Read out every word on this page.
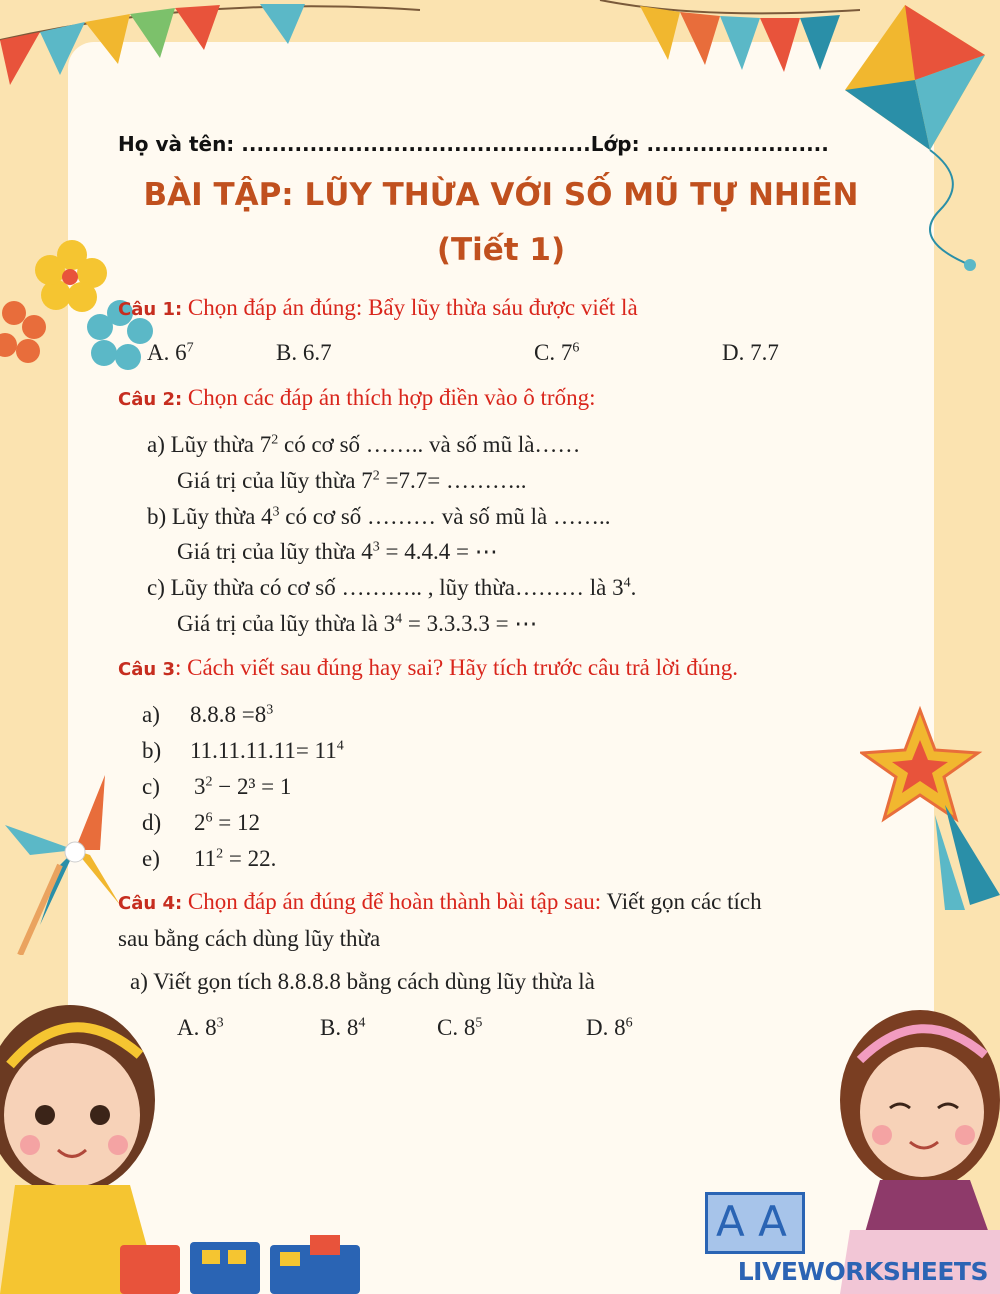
A A
Họ và tên: ..............................................Lớp: ........................
BÀI TẬP: LŨY THỪA VỚI SỐ MŨ TỰ NHIÊN
(Tiết 1)
Câu 1: Chọn đáp án đúng: Bẩy lũy thừa sáu được viết là
A. $6^7$	B. 6.7	C. $7^6$	D. 7.7
Câu 2: Chọn các đáp án thích hợp điền vào ô trống:
a) Lũy thừa $7^2$ có cơ số …….. và số mũ là……
Giá trị của lũy thừa $7^2 =7.7=$ ………..
b) Lũy thừa $4^3$ có cơ số ……… và số mũ là ……..
Giá trị của lũy thừa $4^3 = 4.4.4$ = ⋯
c) Lũy thừa có cơ số ……….. , lũy thừa……… là $3^4$.
Giá trị của lũy thừa là $3^4 = 3.3.3.3$ = ⋯
Câu 3: Cách viết sau đúng hay sai? Hãy tích trước câu trả lời đúng.
a) $8.8.8 =8^3$
b) $11.11.11.11= 11^4$
c) $3^2 - 2^3 = 1$
d) $2^6 = 12$
e) $11^2 = 22$.
Câu 4: Chọn đáp án đúng để hoàn thành bài tập sau: Viết gọn các tích
sau bằng cách dùng lũy thừa
a) Viết gọn tích 8.8.8.8 bằng cách dùng lũy thừa là
A. $8^3$	B. $8^4$	C. $8^5$	D. $8^6$
LIVEWORKSHEETS
